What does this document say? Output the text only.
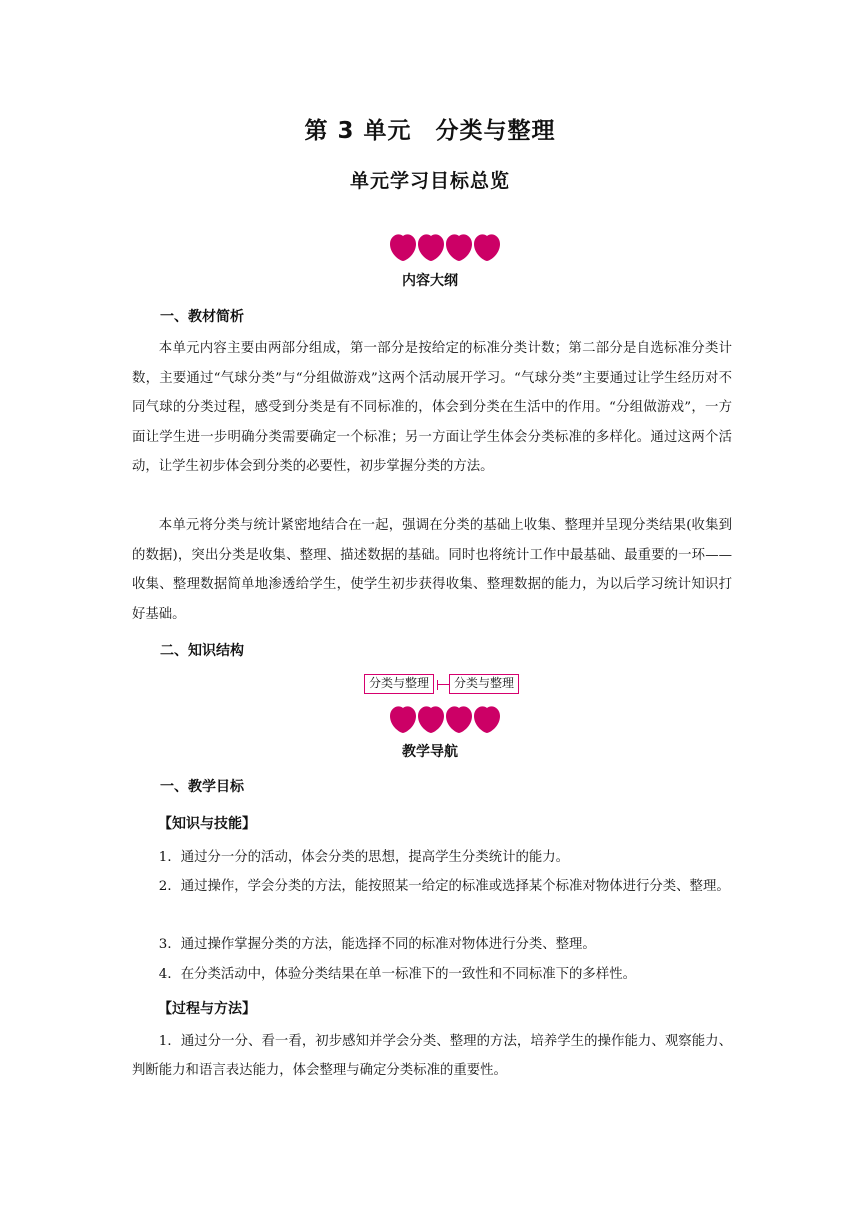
第 3 单元 分类与整理
单元学习目标总览
内容大纲
一、教材简析

本单元内容主要由两部分组成，第一部分是按给定的标准分类计数；第二部分是自选标准分类计数，主要通过“气球分类”与“分组做游戏”这两个活动展开学习。“气球分类”主要通过让学生经历对不同气球的分类过程，感受到分类是有不同标准的，体会到分类在生活中的作用。“分组做游戏”，一方面让学生进一步明确分类需要确定一个标准；另一方面让学生体会分类标准的多样化。通过这两个活动，让学生初步体会到分类的必要性，初步掌握分类的方法。

本单元将分类与统计紧密地结合在一起，强调在分类的基础上收集、整理并呈现分类结果(收集到的数据)，突出分类是收集、整理、描述数据的基础。同时也将统计工作中最基础、最重要的一环——收集、整理数据简单地渗透给学生，使学生初步获得收集、整理数据的能力，为以后学习统计知识打好基础。

二、知识结构
分类与整理	分类与整理
教学导航
一、教学目标
【知识与技能】

1．通过分一分的活动，体会分类的思想，提高学生分类统计的能力。

2．通过操作，学会分类的方法，能按照某一给定的标准或选择某个标准对物体进行分类、整理。

3．通过操作掌握分类的方法，能选择不同的标准对物体进行分类、整理。

4．在分类活动中，体验分类结果在单一标准下的一致性和不同标准下的多样性。

【过程与方法】

1．通过分一分、看一看，初步感知并学会分类、整理的方法，培养学生的操作能力、观察能力、判断能力和语言表达能力，体会整理与确定分类标准的重要性。
